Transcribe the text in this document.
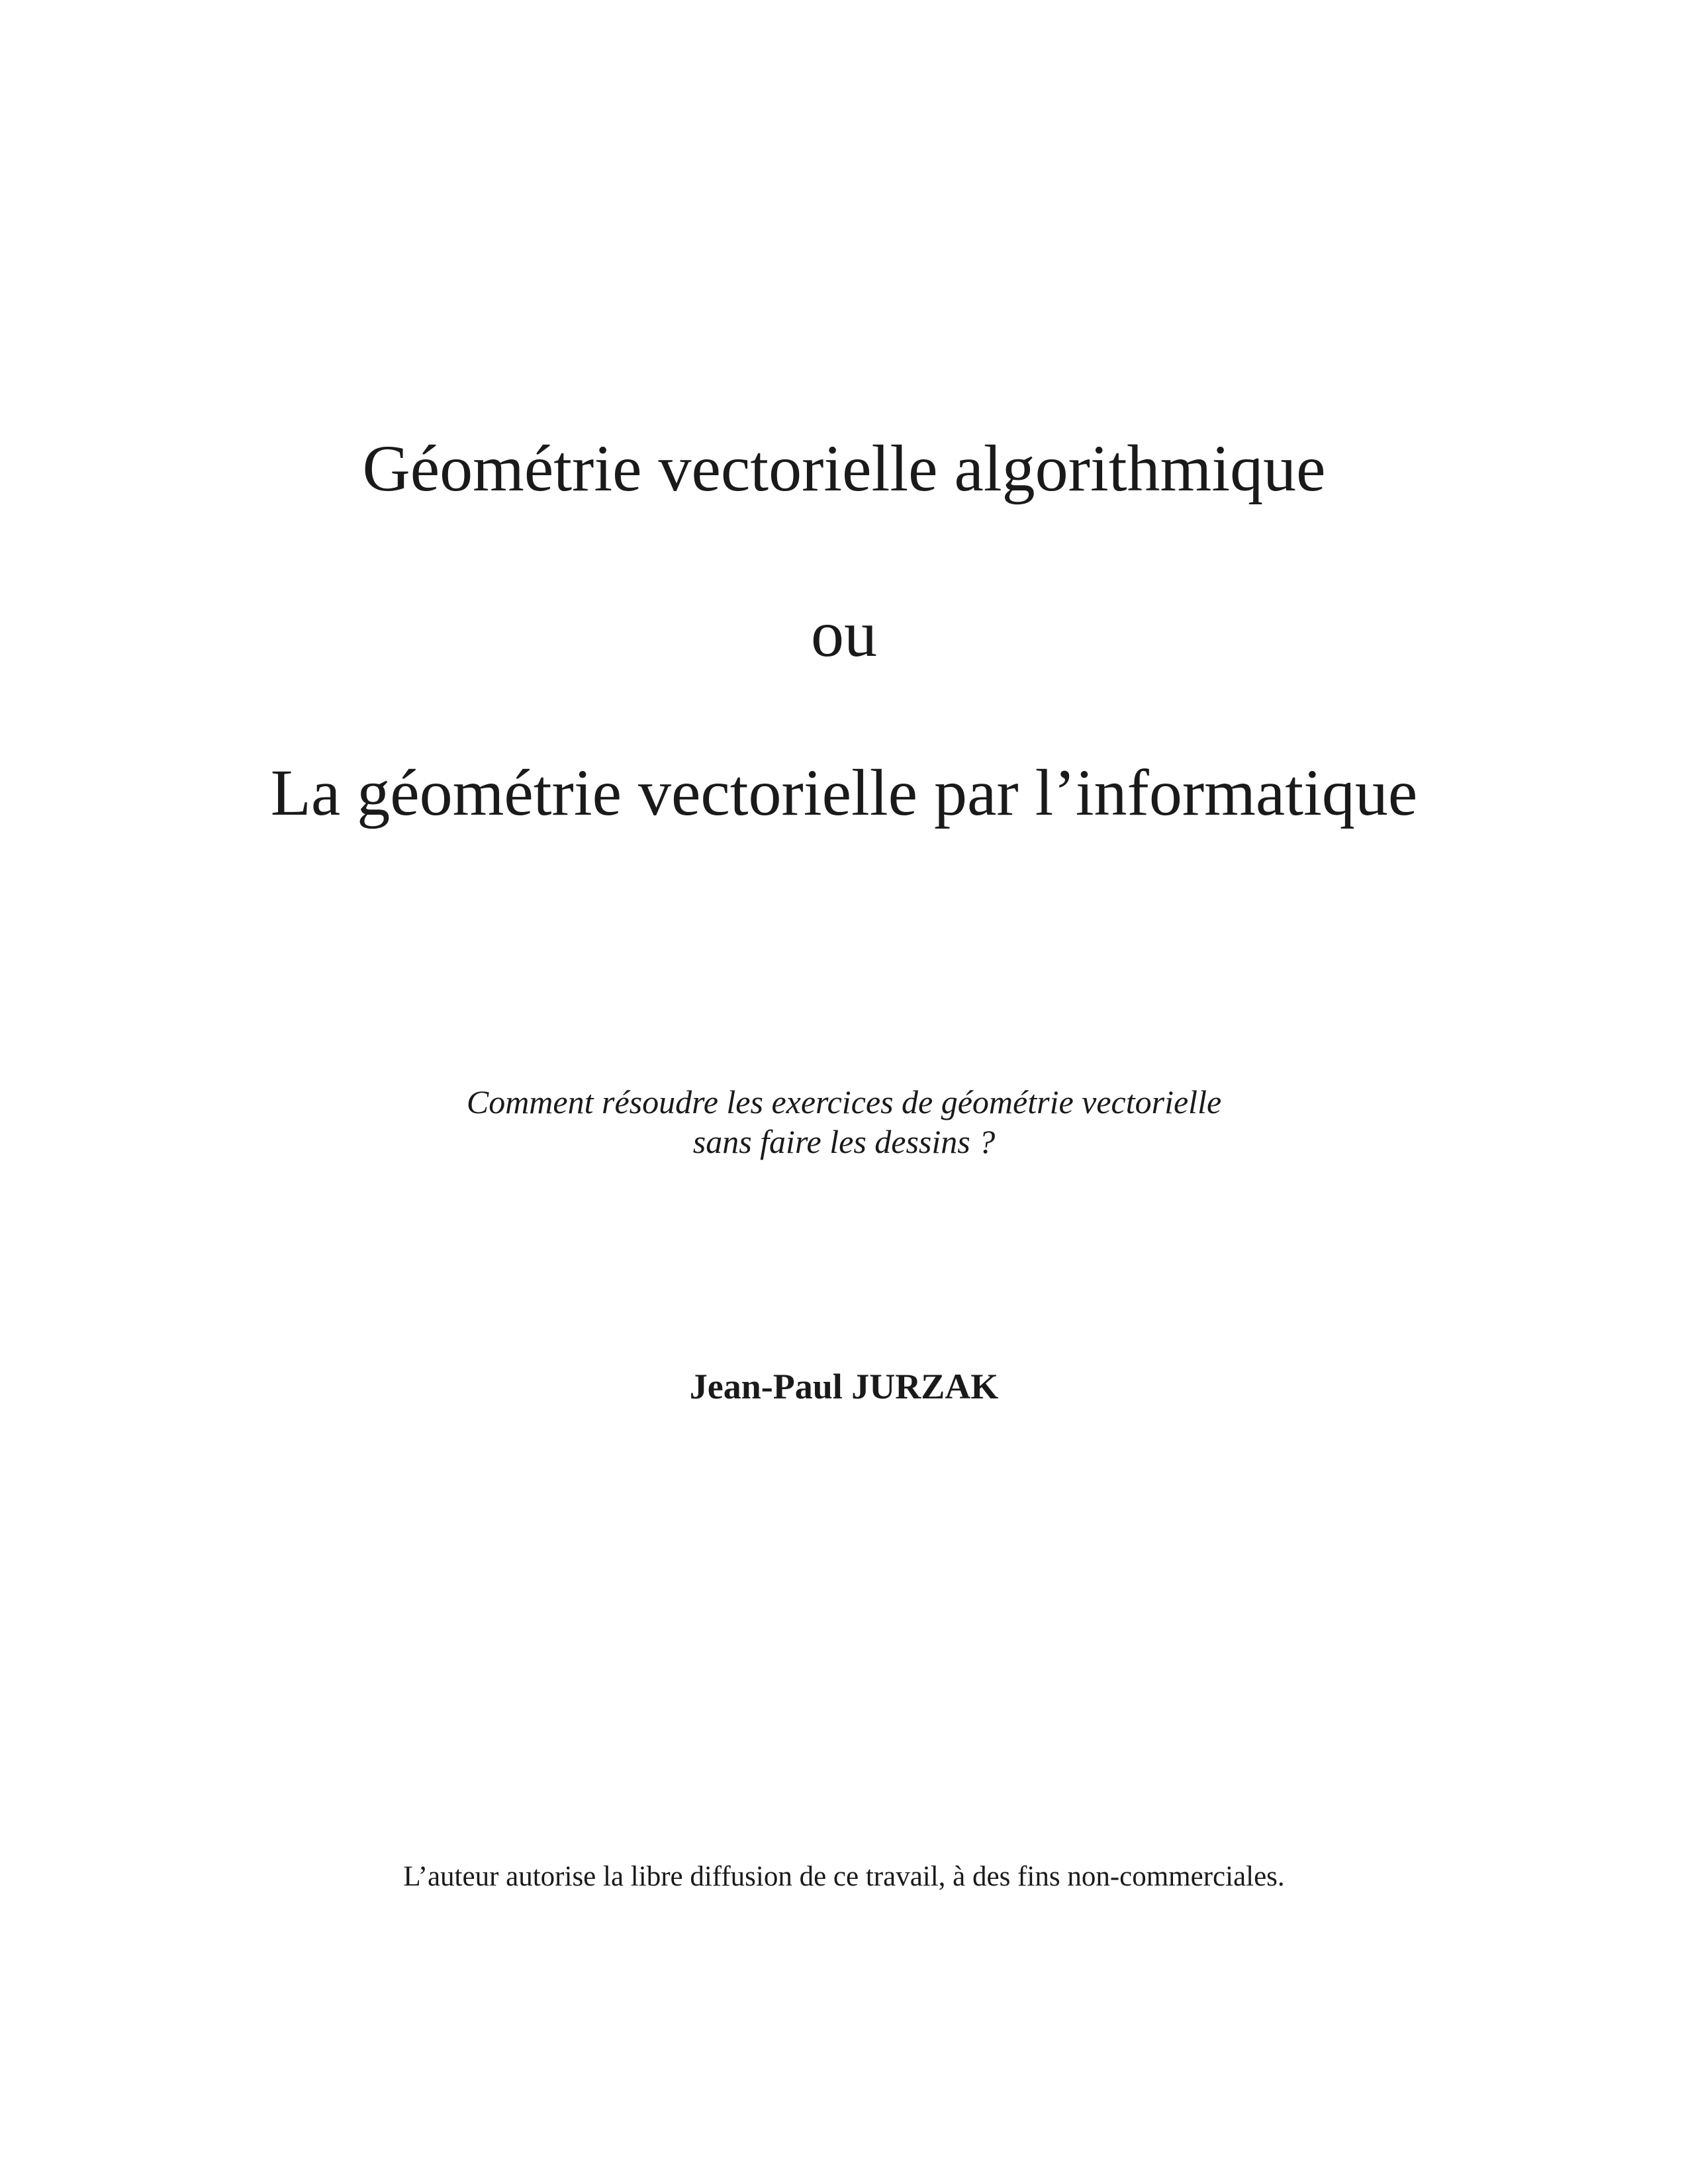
Géométrie vectorielle algorithmique
ou
La géométrie vectorielle par l’informatique
Comment résoudre les exercices de géométrie vectorielle
sans faire les dessins ?
Jean-Paul JURZAK
L’auteur autorise la libre diffusion de ce travail, à des fins non-commerciales.
